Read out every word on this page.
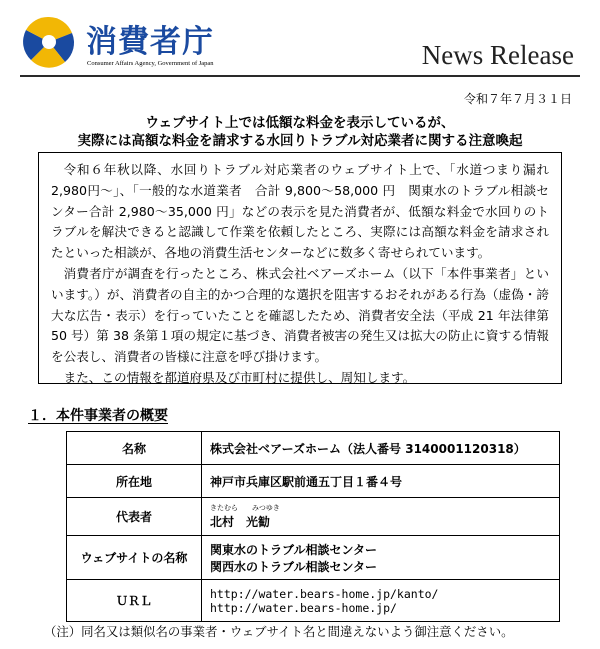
消費者庁
Consumer Affairs Agency, Government of Japan	News Release
令和７年７月３１日
ウェブサイト上では低額な料金を表示しているが、
実際には高額な料金を請求する水回りトラブル対応業者に関する注意喚起

令和６年秋以降、水回りトラブル対応業者のウェブサイト上で、「水道つまり漏れ2,980円〜」、「一般的な水道業者　合計 9,800〜58,000 円　関東水のトラブル相談センター合計 2,980〜35,000 円」などの表示を見た消費者が、低額な料金で水回りのトラブルを解決できると認識して作業を依頼したところ、実際には高額な料金を請求されたといった相談が、各地の消費生活センターなどに数多く寄せられています。

消費者庁が調査を行ったところ、株式会社ベアーズホーム（以下「本件事業者」といいます。）が、消費者の自主的かつ合理的な選択を阻害するおそれがある行為（虚偽・誇大な広告・表示）を行っていたことを確認したため、消費者安全法（平成 21 年法律第 50 号）第 38 条第１項の規定に基づき、消費者被害の発生又は拡大の防止に資する情報を公表し、消費者の皆様に注意を呼び掛けます。

また、この情報を都道府県及び市町村に提供し、周知します。

１．本件事業者の概要
名称	株式会社ベアーズホーム（法人番号 3140001120318）
所在地	神戸市兵庫区駅前通五丁目１番４号
代表者	きたむら　　みつゆき
北村　光勧

ウェブサイトの名称	関東水のトラブル相談センター
関西水のトラブル相談センター

ＵＲＬ	http://water.bears-home.jp/kanto/
http://water.bears-home.jp/
（注）同名又は類似名の事業者・ウェブサイト名と間違えないよう御注意ください。
